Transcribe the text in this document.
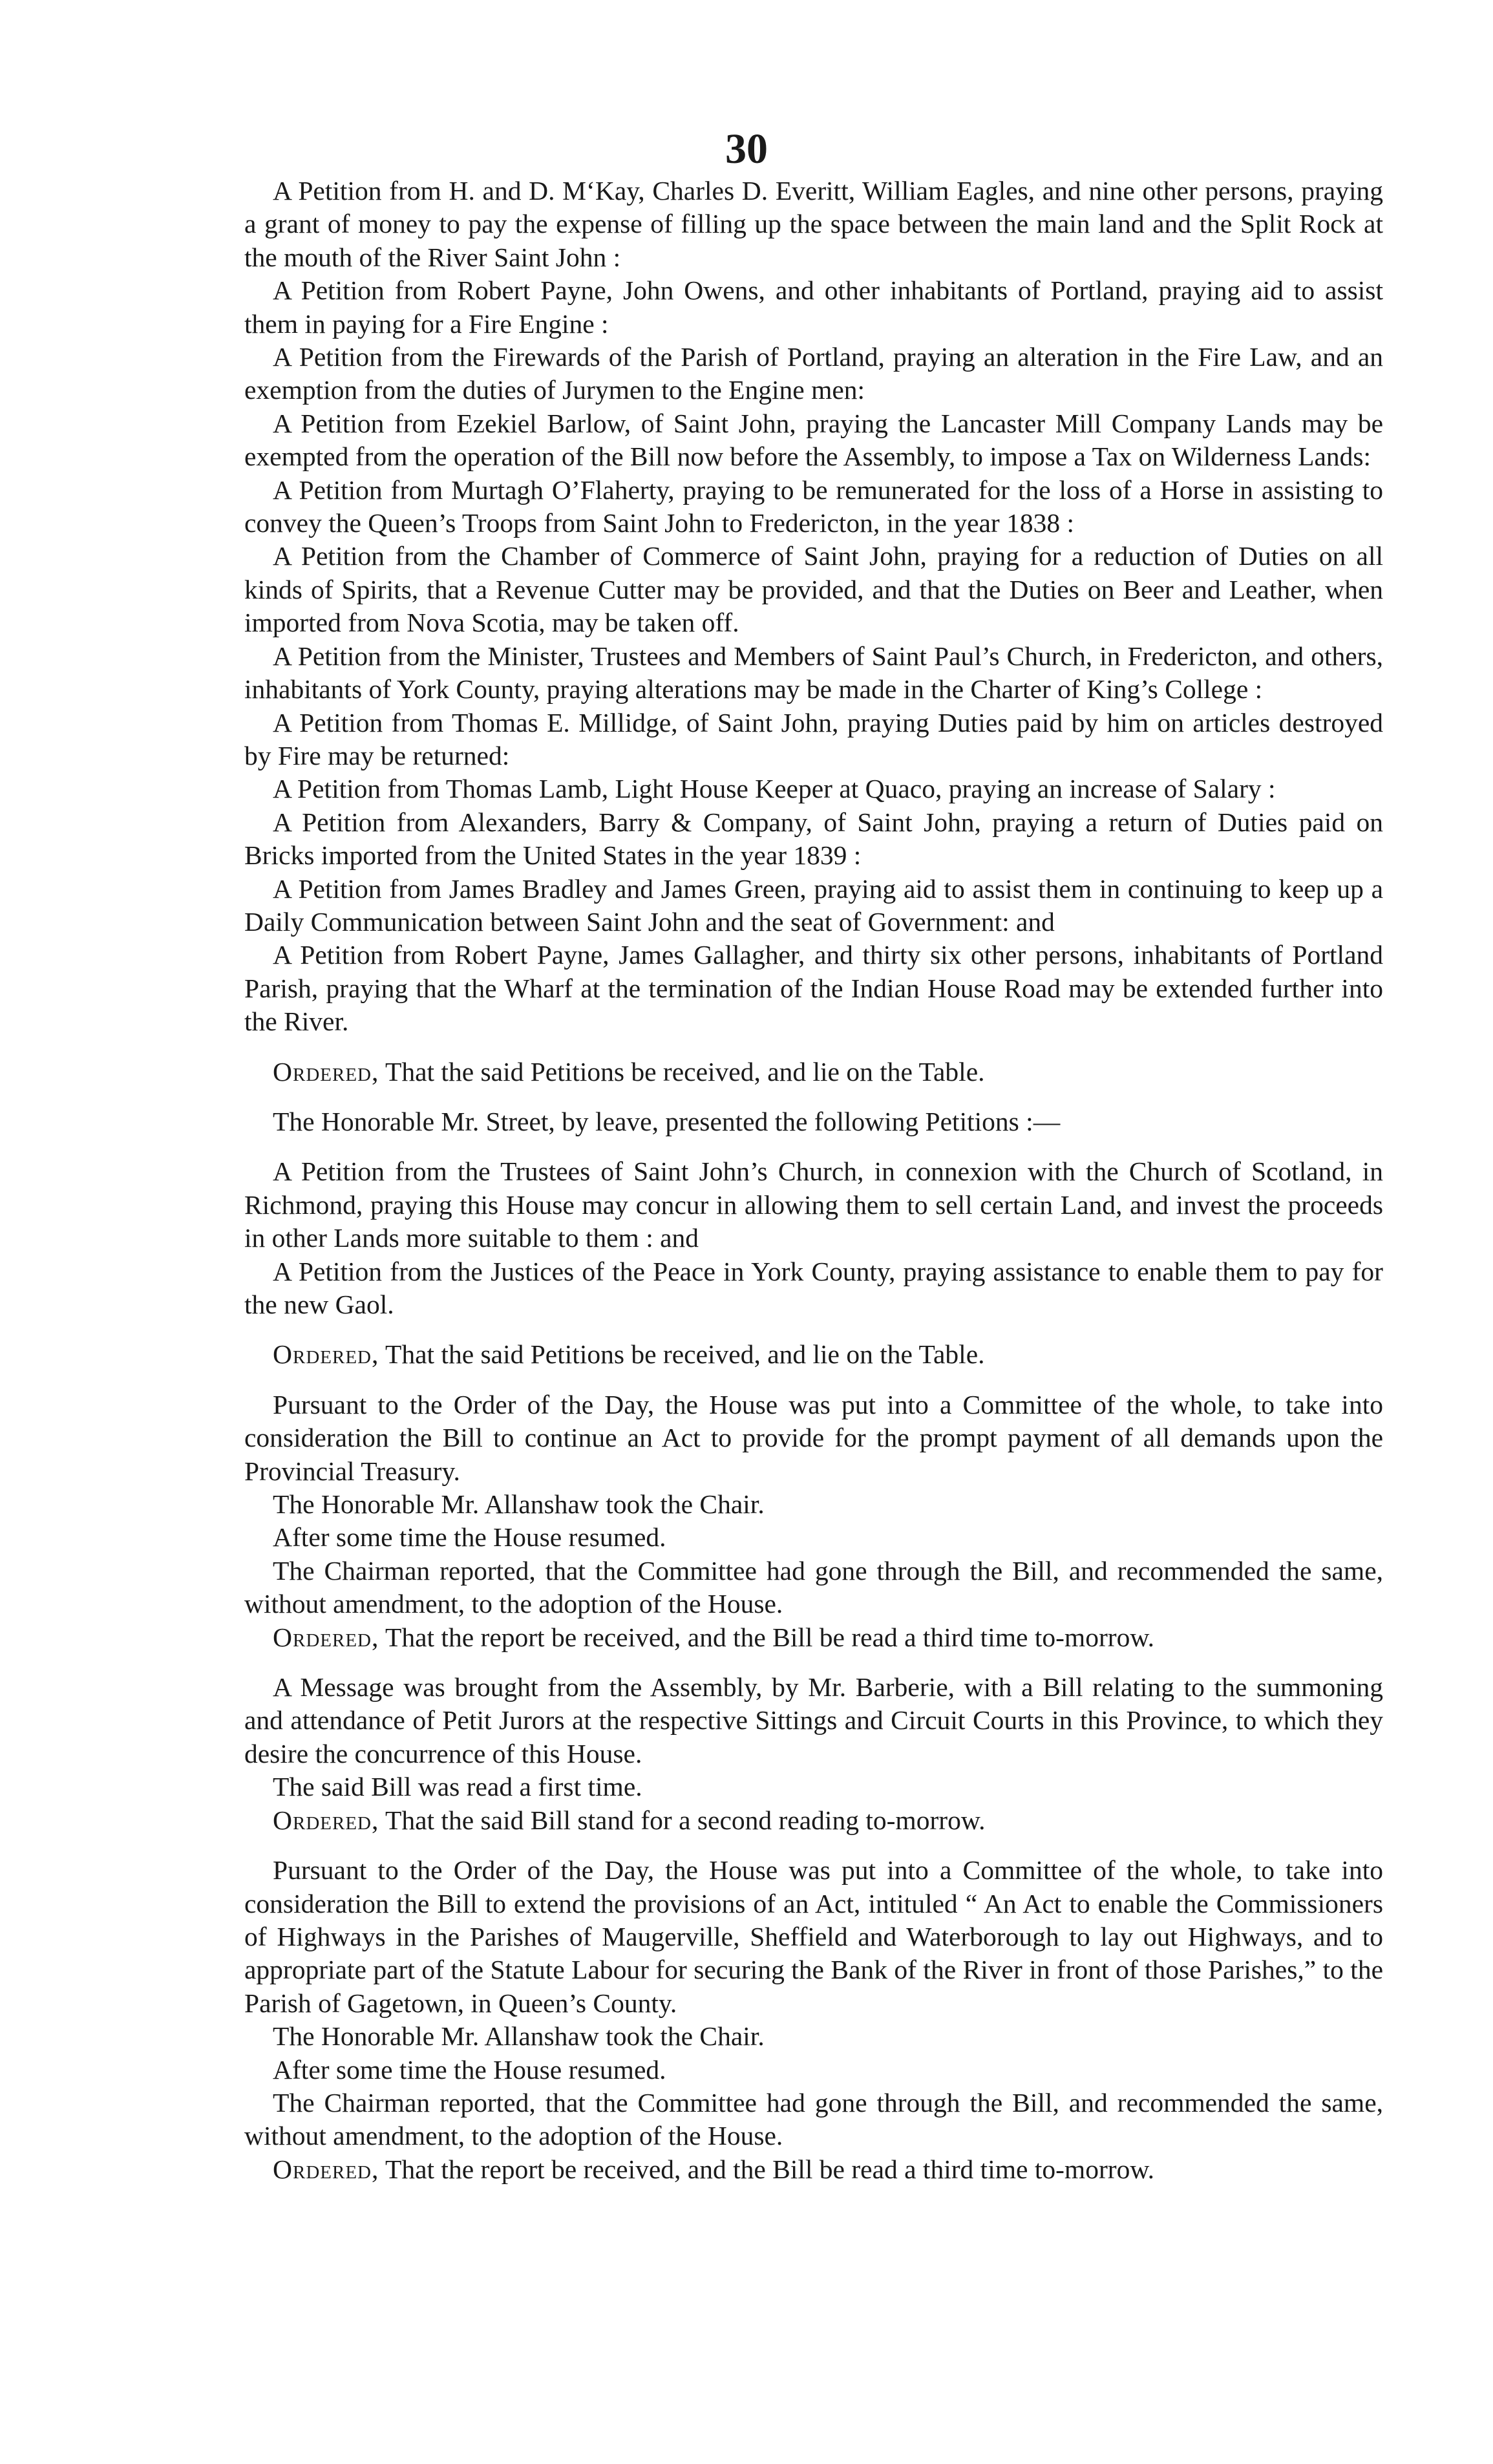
30

A Petition from H. and D. M‘Kay, Charles D. Everitt, William Eagles, and nine other persons, praying a grant of money to pay the expense of filling up the space between the main land and the Split Rock at the mouth of the River Saint John :

A Petition from Robert Payne, John Owens, and other inhabitants of Portland, praying aid to assist them in paying for a Fire Engine :

A Petition from the Firewards of the Parish of Portland, praying an alteration in the Fire Law, and an exemption from the duties of Jurymen to the Engine men:

A Petition from Ezekiel Barlow, of Saint John, praying the Lancaster Mill Company Lands may be exempted from the operation of the Bill now before the Assembly, to impose a Tax on Wilderness Lands:

A Petition from Murtagh O’Flaherty, praying to be remunerated for the loss of a Horse in assisting to convey the Queen’s Troops from Saint John to Fredericton, in the year 1838 :

A Petition from the Chamber of Commerce of Saint John, praying for a reduction of Duties on all kinds of Spirits, that a Revenue Cutter may be provided, and that the Duties on Beer and Leather, when imported from Nova Scotia, may be taken off.

A Petition from the Minister, Trustees and Members of Saint Paul’s Church, in Fredericton, and others, inhabitants of York County, praying alterations may be made in the Charter of King’s College :

A Petition from Thomas E. Millidge, of Saint John, praying Duties paid by him on articles destroyed by Fire may be returned:

A Petition from Thomas Lamb, Light House Keeper at Quaco, praying an increase of Salary :

A Petition from Alexanders, Barry & Company, of Saint John, praying a return of Duties paid on Bricks imported from the United States in the year 1839 :

A Petition from James Bradley and James Green, praying aid to assist them in continuing to keep up a Daily Communication between Saint John and the seat of Government: and

A Petition from Robert Payne, James Gallagher, and thirty six other persons, inhabitants of Portland Parish, praying that the Wharf at the termination of the Indian House Road may be extended further into the River.

Ordered, That the said Petitions be received, and lie on the Table.

The Honorable Mr. Street, by leave, presented the following Petitions :—

A Petition from the Trustees of Saint John’s Church, in connexion with the Church of Scotland, in Richmond, praying this House may concur in allowing them to sell certain Land, and invest the proceeds in other Lands more suitable to them : and

A Petition from the Justices of the Peace in York County, praying assistance to enable them to pay for the new Gaol.

Ordered, That the said Petitions be received, and lie on the Table.

Pursuant to the Order of the Day, the House was put into a Committee of the whole, to take into consideration the Bill to continue an Act to provide for the prompt payment of all demands upon the Provincial Treasury.

The Honorable Mr. Allanshaw took the Chair.

After some time the House resumed.

The Chairman reported, that the Committee had gone through the Bill, and recommended the same, without amendment, to the adoption of the House.

Ordered, That the report be received, and the Bill be read a third time to-morrow.

A Message was brought from the Assembly, by Mr. Barberie, with a Bill relating to the summoning and attendance of Petit Jurors at the respective Sittings and Circuit Courts in this Province, to which they desire the concurrence of this House.

The said Bill was read a first time.

Ordered, That the said Bill stand for a second reading to-morrow.

Pursuant to the Order of the Day, the House was put into a Committee of the whole, to take into consideration the Bill to extend the provisions of an Act, intituled “ An Act to enable the Commissioners of Highways in the Parishes of Maugerville, Sheffield and Waterborough to lay out Highways, and to appropriate part of the Statute Labour for securing the Bank of the River in front of those Parishes,” to the Parish of Gagetown, in Queen’s County.

The Honorable Mr. Allanshaw took the Chair.

After some time the House resumed.

The Chairman reported, that the Committee had gone through the Bill, and recommended the same, without amendment, to the adoption of the House.

Ordered, That the report be received, and the Bill be read a third time to-morrow.
